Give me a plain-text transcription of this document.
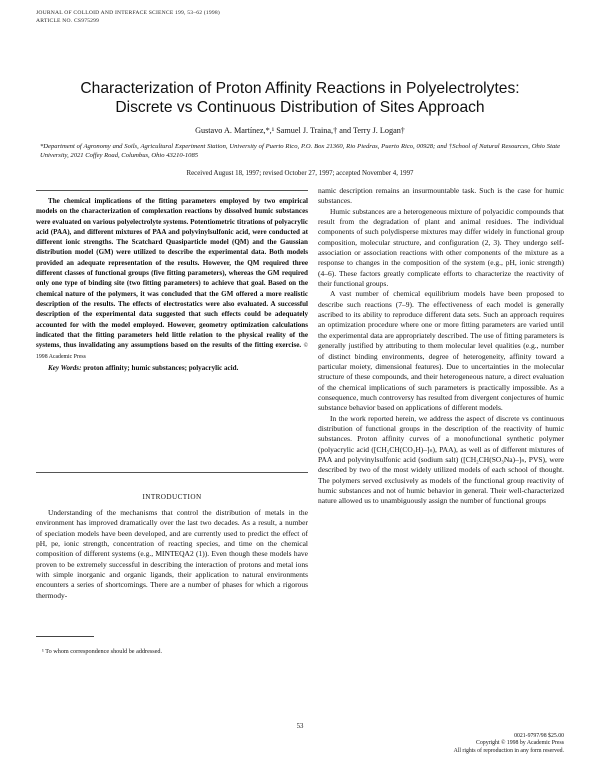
JOURNAL OF COLLOID AND INTERFACE SCIENCE 199, 53–62 (1998)
ARTICLE NO. CS975299
Characterization of Proton Affinity Reactions in Polyelectrolytes:
Discrete vs Continuous Distribution of Sites Approach
Gustavo A. Martínez,*,¹ Samuel J. Traina,† and Terry J. Logan†
*Department of Agronomy and Soils, Agricultural Experiment Station, University of Puerto Rico, P.O. Box 21360, Rio Piedras, Puerto Rico, 00928; and †School of Natural Resources, Ohio State University, 2021 Coffey Road, Columbus, Ohio 43210-1085
Received August 18, 1997; revised October 27, 1997; accepted November 4, 1997

The chemical implications of the fitting parameters employed by two empirical models on the characterization of complexation reactions by dissolved humic substances were evaluated on various polyelectrolyte systems. Potentiometric titrations of polyacrylic acid (PAA), and different mixtures of PAA and polyvinylsulfonic acid, were conducted at different ionic strengths. The Scatchard Quasiparticle model (QM) and the Gaussian distribution model (GM) were utilized to describe the experimental data. Both models provided an adequate representation of the results. However, the QM required three different classes of functional groups (five fitting parameters), whereas the GM required only one type of binding site (two fitting parameters) to achieve that goal. Based on the chemical nature of the polymers, it was concluded that the GM offered a more realistic description of the results. The effects of electrostatics were also evaluated. A successful description of the experimental data suggested that such effects could be adequately accounted for with the model employed. However, geometry optimization calculations indicated that the fitting parameters held little relation to the physical reality of the systems, thus invalidating any assumptions based on the results of the fitting exercise. © 1998 Academic Press

Key Words: proton affinity; humic substances; polyacrylic acid.

INTRODUCTION

Understanding of the mechanisms that control the distribution of metals in the environment has improved dramatically over the last two decades. As a result, a number of speciation models have been developed, and are currently used to predict the effect of pH, pe, ionic strength, concentration of reacting species, and time on the chemical composition of different systems (e.g., MINTEQA2 (1)). Even though these models have proven to be extremely successful in describing the interaction of protons and metal ions with simple inorganic and organic ligands, their application to natural environments encounters a series of shortcomings. There are a number of phases for which a rigorous thermody-

¹ To whom correspondence should be addressed.

namic description remains an insurmountable task. Such is the case for humic substances.

Humic substances are a heterogeneous mixture of polyacidic compounds that result from the degradation of plant and animal residues. The individual components of such polydisperse mixtures may differ widely in functional group composition, molecular structure, and configuration (2, 3). They undergo self-association or association reactions with other components of the mixture as a response to changes in the composition of the system (e.g., pH, ionic strength) (4–6). These factors greatly complicate efforts to characterize the reactivity of their functional groups.

A vast number of chemical equilibrium models have been proposed to describe such reactions (7–9). The effectiveness of each model is generally ascribed to its ability to reproduce different data sets. Such an approach requires an optimization procedure where one or more fitting parameters are varied until the experimental data are appropriately described. The use of fitting parameters is generally justified by attributing to them molecular level qualities (e.g., number of distinct binding environments, degree of heterogeneity, affinity toward a particular moiety, dimensional features). Due to uncertainties in the molecular structure of these compounds, and their heterogeneous nature, a direct evaluation of the chemical implications of such parameters is practically impossible. As a consequence, much controversy has resulted from divergent conjectures of humic substance behavior based on applications of different models.

In the work reported herein, we address the aspect of discrete vs continuous distribution of functional groups in the description of the reactivity of humic substances. Proton affinity curves of a monofunctional synthetic polymer (polyacrylic acid ([CH₂CH(CO₂H)–]ₙ), PAA), as well as of different mixtures of PAA and polyvinylsulfonic acid (sodium salt) ([CH₂CH(SO₃Na)–]ₙ, PVS), were described by two of the most widely utilized models of each school of thought. The polymers served exclusively as models of the functional group reactivity of humic substances and not of humic behavior in general. Their well-characterized nature allowed us to unambiguously assign the number of functional groups

53
0021-9797/98 $25.00
Copyright © 1998 by Academic Press
All rights of reproduction in any form reserved.
